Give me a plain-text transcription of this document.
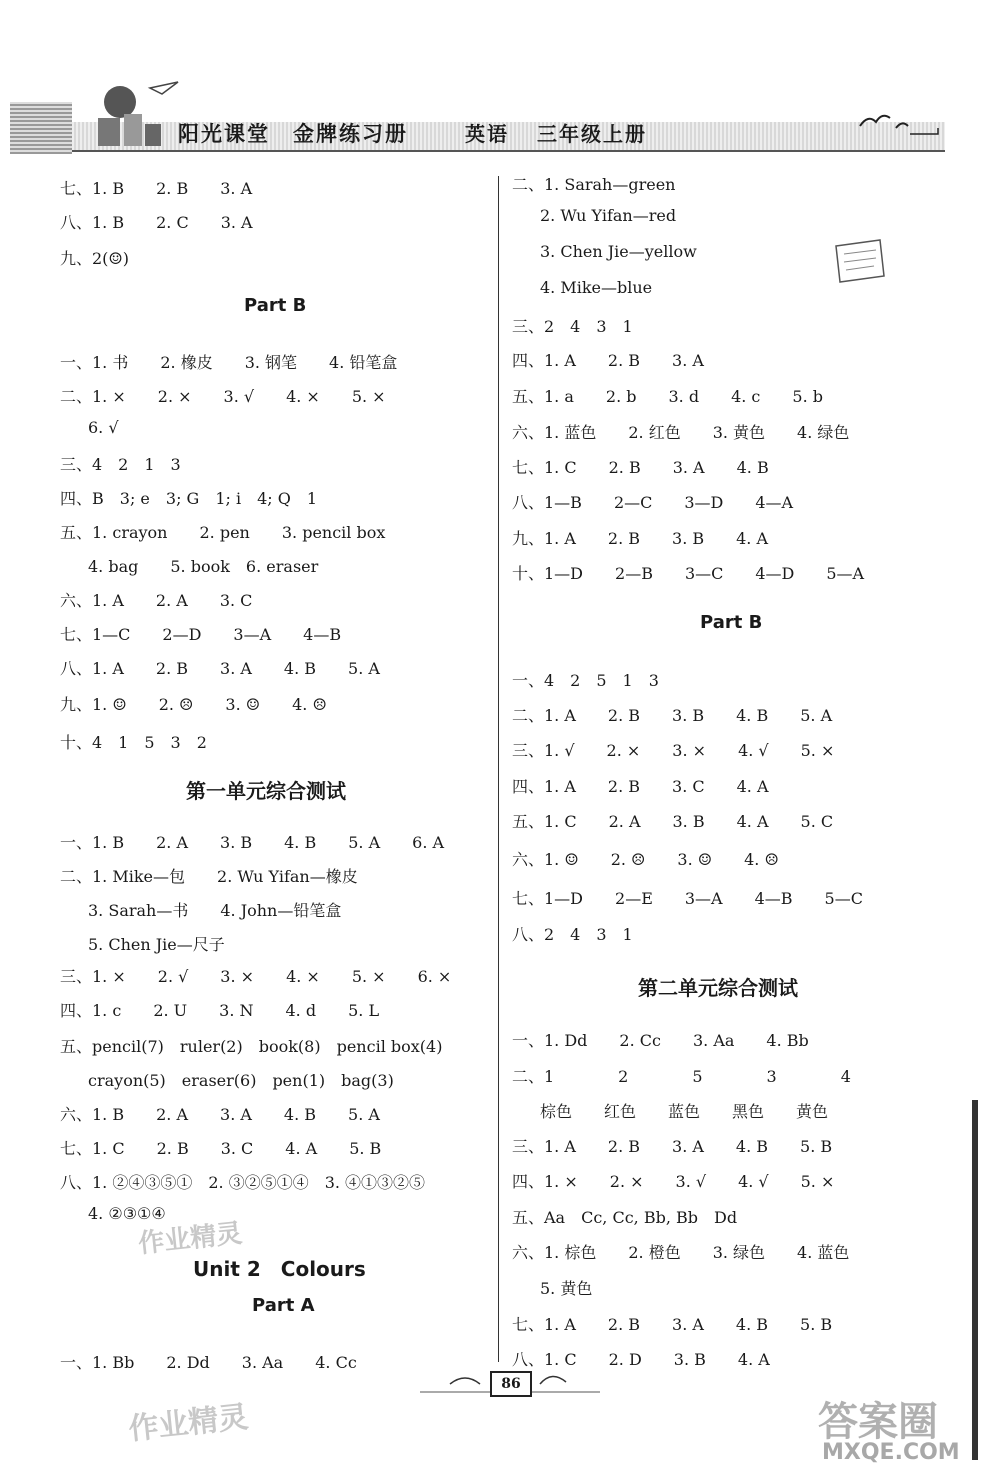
阳光课堂　金牌练习册	英语 三年级上册
七、1. B　　2. B　　3. A
八、1. B　　2. C　　3. A
九、2(☺)
Part B
一、1. 书　　2. 橡皮　　3. 钢笔　　4. 铅笔盒
二、1. ×　　2. ×　　3. √　　4. ×　　5. ×
6. √
三、4　2　1　3
四、B　3; e　3; G　1; i　4; Q　1
五、1. crayon　　2. pen　　3. pencil box
4. bag　　5. book　6. eraser
六、1. A　　2. A　　3. C
七、1—C　　2—D　　3—A　　4—B
八、1. A　　2. B　　3. A　　4. B　　5. A
九、1. ☺　　2. ☹　　3. ☺　　4. ☹
十、4　1　5　3　2
第一单元综合测试
一、1. B　　2. A　　3. B　　4. B　　5. A　　6. A
二、1. Mike—包　　2. Wu Yifan—橡皮
3. Sarah—书　　4. John—铅笔盒
5. Chen Jie—尺子
三、1. ×　　2. √　　3. ×　　4. ×　　5. ×　　6. ×
四、1. c　　2. U　　3. N　　4. d　　5. L
五、pencil(7)　ruler(2)　book(8)　pencil box(4)
crayon(5)　eraser(6)　pen(1)　bag(3)
六、1. B　　2. A　　3. A　　4. B　　5. A
七、1. C　　2. B　　3. C　　4. A　　5. B
八、1. ②④③⑤①　2. ③②⑤①④　3. ④①③②⑤
4. ②③①④
Unit 2　Colours
Part A
一、1. Bb　　2. Dd　　3. Aa　　4. Cc
二、1. Sarah—green
2. Wu Yifan—red
3. Chen Jie—yellow
4. Mike—blue
三、2　4　3　1
四、1. A　　2. B　　3. A
五、1. a　　2. b　　3. d　　4. c　　5. b
六、1. 蓝色　　2. 红色　　3. 黄色　　4. 绿色
七、1. C　　2. B　　3. A　　4. B
八、1—B　　2—C　　3—D　　4—A
九、1. A　　2. B　　3. B　　4. A
十、1—D　　2—B　　3—C　　4—D　　5—A
Part B
一、4　2　5　1　3
二、1. A　　2. B　　3. B　　4. B　　5. A
三、1. √　　2. ×　　3. ×　　4. √　　5. ×
四、1. A　　2. B　　3. C　　4. A
五、1. C　　2. A　　3. B　　4. A　　5. C
六、1. ☺　　2. ☹　　3. ☺　　4. ☹
七、1—D　　2—E　　3—A　　4—B　　5—C
八、2　4　3　1
第二单元综合测试
一、1. Dd　　2. Cc　　3. Aa　　4. Bb
二、1　　　　2　　　　5　　　　3　　　　4
棕色　　红色　　蓝色　　黑色　　黄色
三、1. A　　2. B　　3. A　　4. B　　5. B
四、1. ×　　2. ×　　3. √　　4. √　　5. ×
五、Aa　Cc, Cc, Bb, Bb　Dd
六、1. 棕色　　2. 橙色　　3. 绿色　　4. 蓝色
5. 黄色
七、1. A　　2. B　　3. A　　4. B　　5. B
八、1. C　　2. D　　3. B　　4. A
86
作业精灵
作业精灵	答案圈
MXQE.COM
